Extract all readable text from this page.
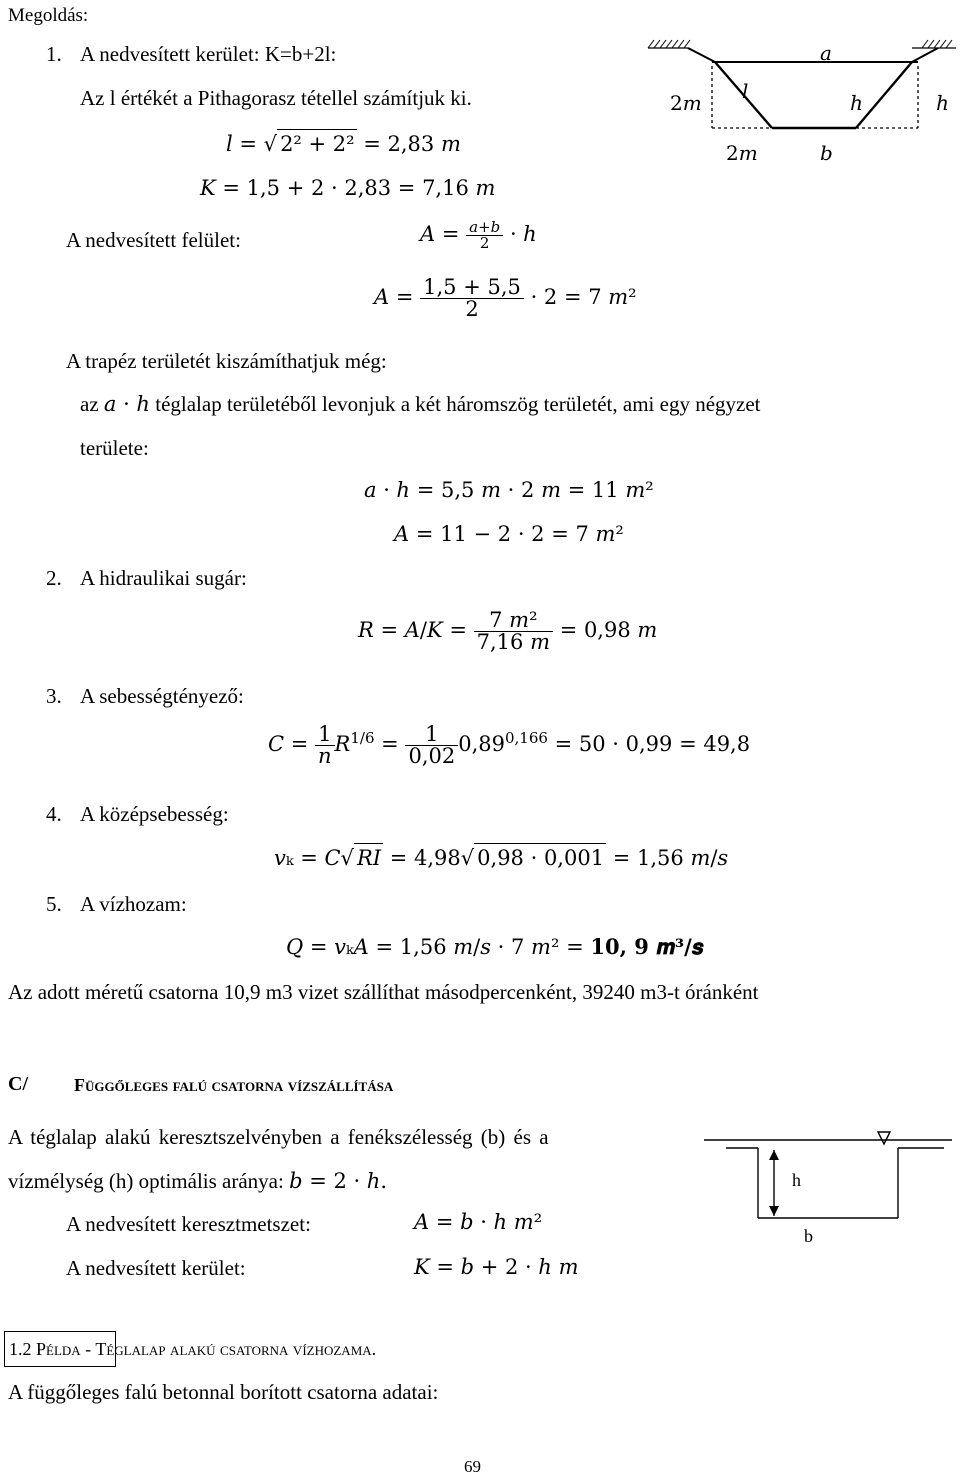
Megoldás:
1. A nedvesített kerület: K=b+2l:
Az l értékét a Pithagorasz tétellel számítjuk ki.
𝑎
2𝑚 𝑙	ℎ	ℎ
2𝑚	𝑏
𝑙 = √ 2² + 2² = 2,83 𝑚
𝐾 = 1,5 + 2 · 2,83 = 7,16 𝑚
A nedvesített felület:	𝐴 = $\frac{\text{𝑎+𝑏}}{2}$ · ℎ
𝐴 = $\frac{1,5 + 5,5}{2} \cdot 2 = 7$ 𝑚²
A trapéz területét kiszámíthatjuk még:
az 𝑎 · ℎ téglalap területéből levonjuk a két háromszög területét, ami egy négyzet
területe:
𝑎 · ℎ = 5,5 𝑚 · 2 𝑚 = 11 𝑚²
𝐴 = 11 − 2 · 2 = 7 𝑚²
2. A hidraulikai sugár:
𝑅 = 𝐴/𝐾 = $\frac{\text{7 𝑚²}}{\text{7,16 𝑚}} = 0,98$ 𝑚
3. A sebességtényező:
𝐶 = $\frac{1}{\text{𝑛}}$ 𝑅$^{1/6}$ = $\frac{1}{0,02} 0,89^{0,166} = 50 \cdot 0,99 = 49,8$
4. A középsebesség:
𝑣ₖ = 𝐶√ 𝑅𝐼 = 4,98√ 0,98 · 0,001 = 1,56 𝑚/𝑠
5. A vízhozam:
𝑄 = 𝑣ₖ𝐴 = 1,56 𝑚/𝑠 · 7 𝑚² = 𝟏𝟎, 𝟗 𝒎³/𝒔
Az adott méretű csatorna 10,9 m3 vizet szállíthat másodpercenként, 39240 m3-t óránként
C/	Függőleges falú csatorna vízszállítása
A téglalap alakú keresztszelvényben a fenékszélesség (b) és a
vízmélység (h) optimális aránya: 𝑏 = 2 · ℎ.
A nedvesített keresztmetszet:	𝐴 = 𝑏 · ℎ 𝑚²
A nedvesített kerület:	𝐾 = 𝑏 + 2 · ℎ 𝑚
h
b
1.2 Példa - Téglalap alakú csatorna vízhozama.
A függőleges falú betonnal borított csatorna adatai:
69
